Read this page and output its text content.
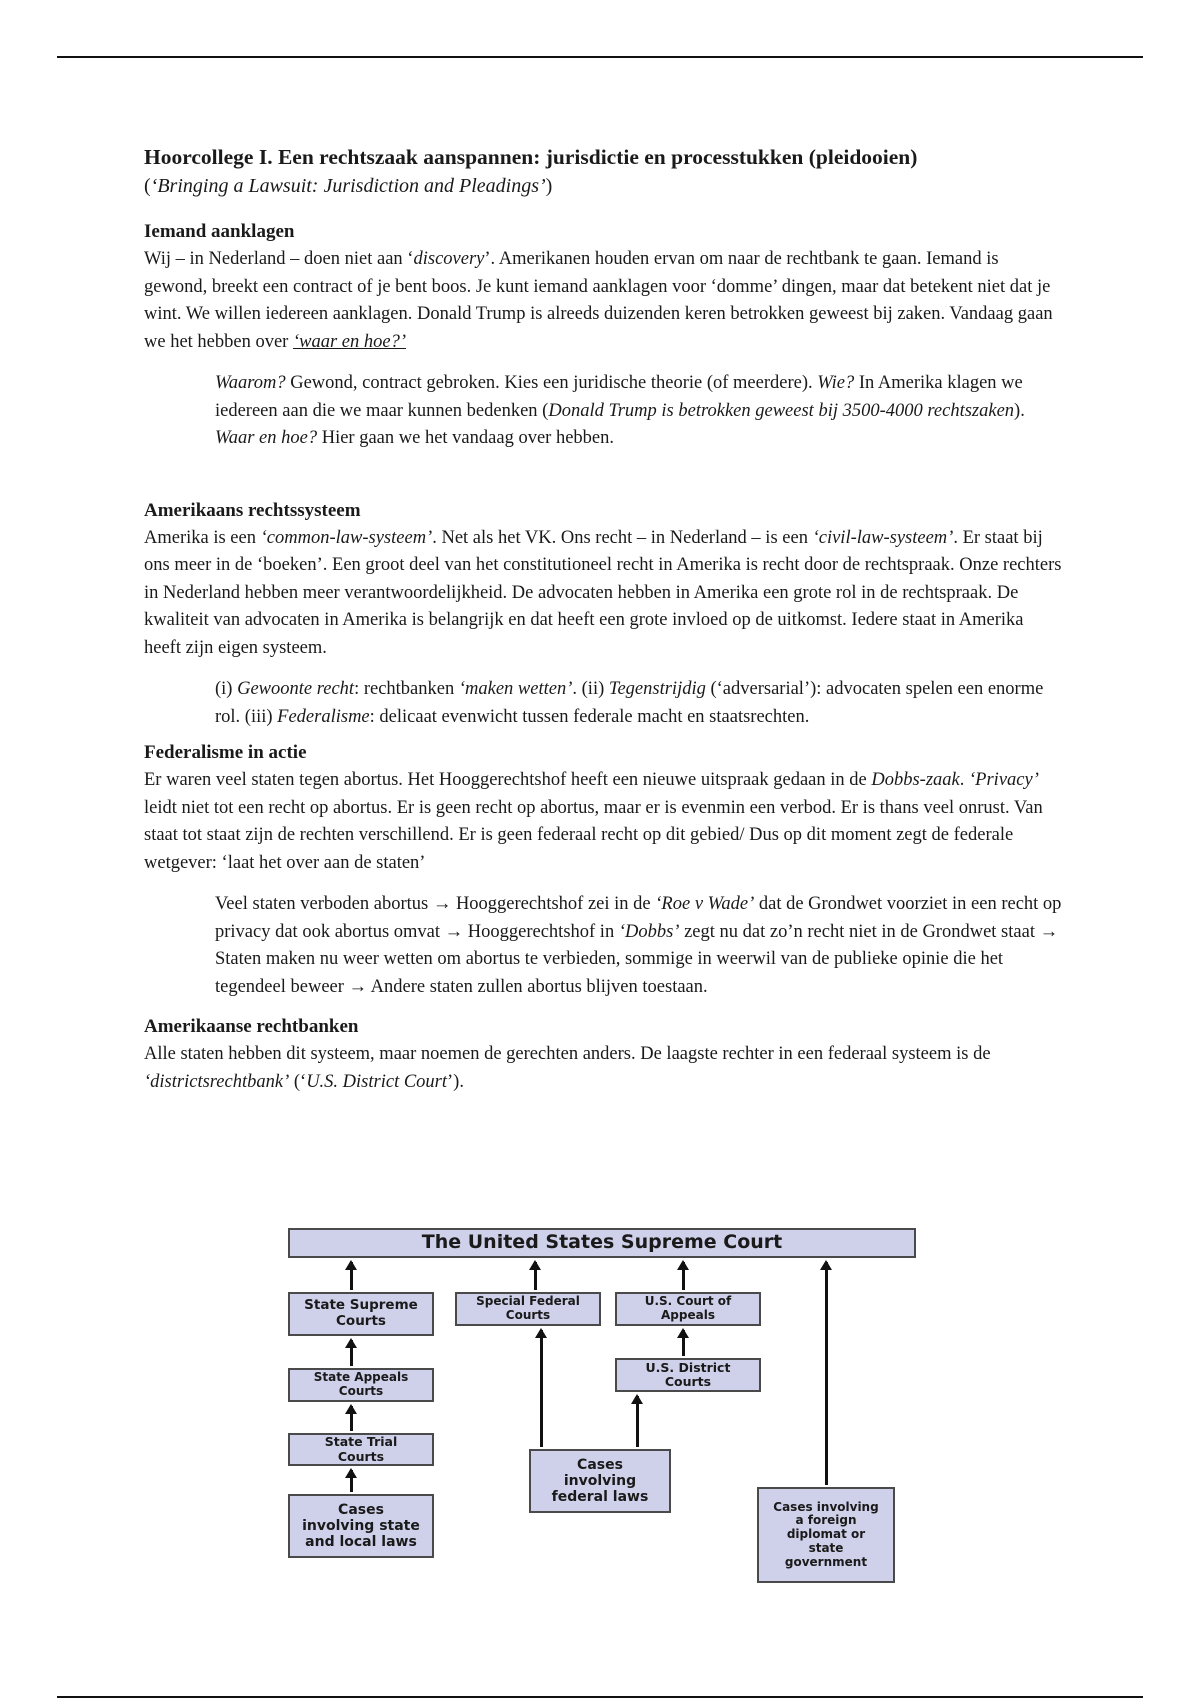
Hoorcollege I. Een rechtszaak aanspannen: jurisdictie en processtukken (pleidooien)

(‘Bringing a Lawsuit: Jurisdiction and Pleadings’)

Iemand aanklagen

Wij – in Nederland – doen niet aan ‘discovery’. Amerikanen houden ervan om naar de rechtbank te gaan. Iemand is gewond, breekt een contract of je bent boos. Je kunt iemand aanklagen voor ‘domme’ dingen, maar dat betekent niet dat je wint. We willen iedereen aanklagen. Donald Trump is alreeds duizenden keren betrokken geweest bij zaken. Vandaag gaan we het hebben over ‘waar en hoe?’

Waarom? Gewond, contract gebroken. Kies een juridische theorie (of meerdere). Wie? In Amerika klagen we iedereen aan die we maar kunnen bedenken (Donald Trump is betrokken geweest bij 3500-4000 rechtszaken). Waar en hoe? Hier gaan we het vandaag over hebben.

Amerikaans rechtssysteem

Amerika is een ‘common-law-systeem’. Net als het VK. Ons recht – in Nederland – is een ‘civil-law-systeem’. Er staat bij ons meer in de ‘boeken’. Een groot deel van het constitutioneel recht in Amerika is recht door de rechtspraak. Onze rechters in Nederland hebben meer verantwoordelijkheid. De advocaten hebben in Amerika een grote rol in de rechtspraak. De kwaliteit van advocaten in Amerika is belangrijk en dat heeft een grote invloed op de uitkomst. Iedere staat in Amerika heeft zijn eigen systeem.

(i) Gewoonte recht: rechtbanken ‘maken wetten’. (ii) Tegenstrijdig (‘adversarial’): advocaten spelen een enorme rol. (iii) Federalisme: delicaat evenwicht tussen federale macht en staatsrechten.

Federalisme in actie

Er waren veel staten tegen abortus. Het Hooggerechtshof heeft een nieuwe uitspraak gedaan in de Dobbs-zaak. ‘Privacy’ leidt niet tot een recht op abortus. Er is geen recht op abortus, maar er is evenmin een verbod. Er is thans veel onrust. Van staat tot staat zijn de rechten verschillend. Er is geen federaal recht op dit gebied/ Dus op dit moment zegt de federale wetgever: ‘laat het over aan de staten’

Veel staten verboden abortus → Hooggerechtshof zei in de ‘Roe v Wade’ dat de Grondwet voorziet in een recht op privacy dat ook abortus omvat → Hooggerechtshof in ‘Dobbs’ zegt nu dat zo’n recht niet in de Grondwet staat → Staten maken nu weer wetten om abortus te verbieden, sommige in weerwil van de publieke opinie die het tegendeel beweer → Andere staten zullen abortus blijven toestaan.

Amerikaanse rechtbanken

Alle staten hebben dit systeem, maar noemen de gerechten anders. De laagste rechter in een federaal systeem is de ‘districtsrechtbank’ (‘U.S. District Court’).

The United States Supreme Court
State Supreme
Courts
Special Federal
Courts
U.S. Court of
Appeals
State Appeals
Courts
U.S. District
Courts
State Trial
Courts
Cases
involving
federal laws
Cases
involving state
and local laws
Cases involving
a foreign
diplomat or
state
government
